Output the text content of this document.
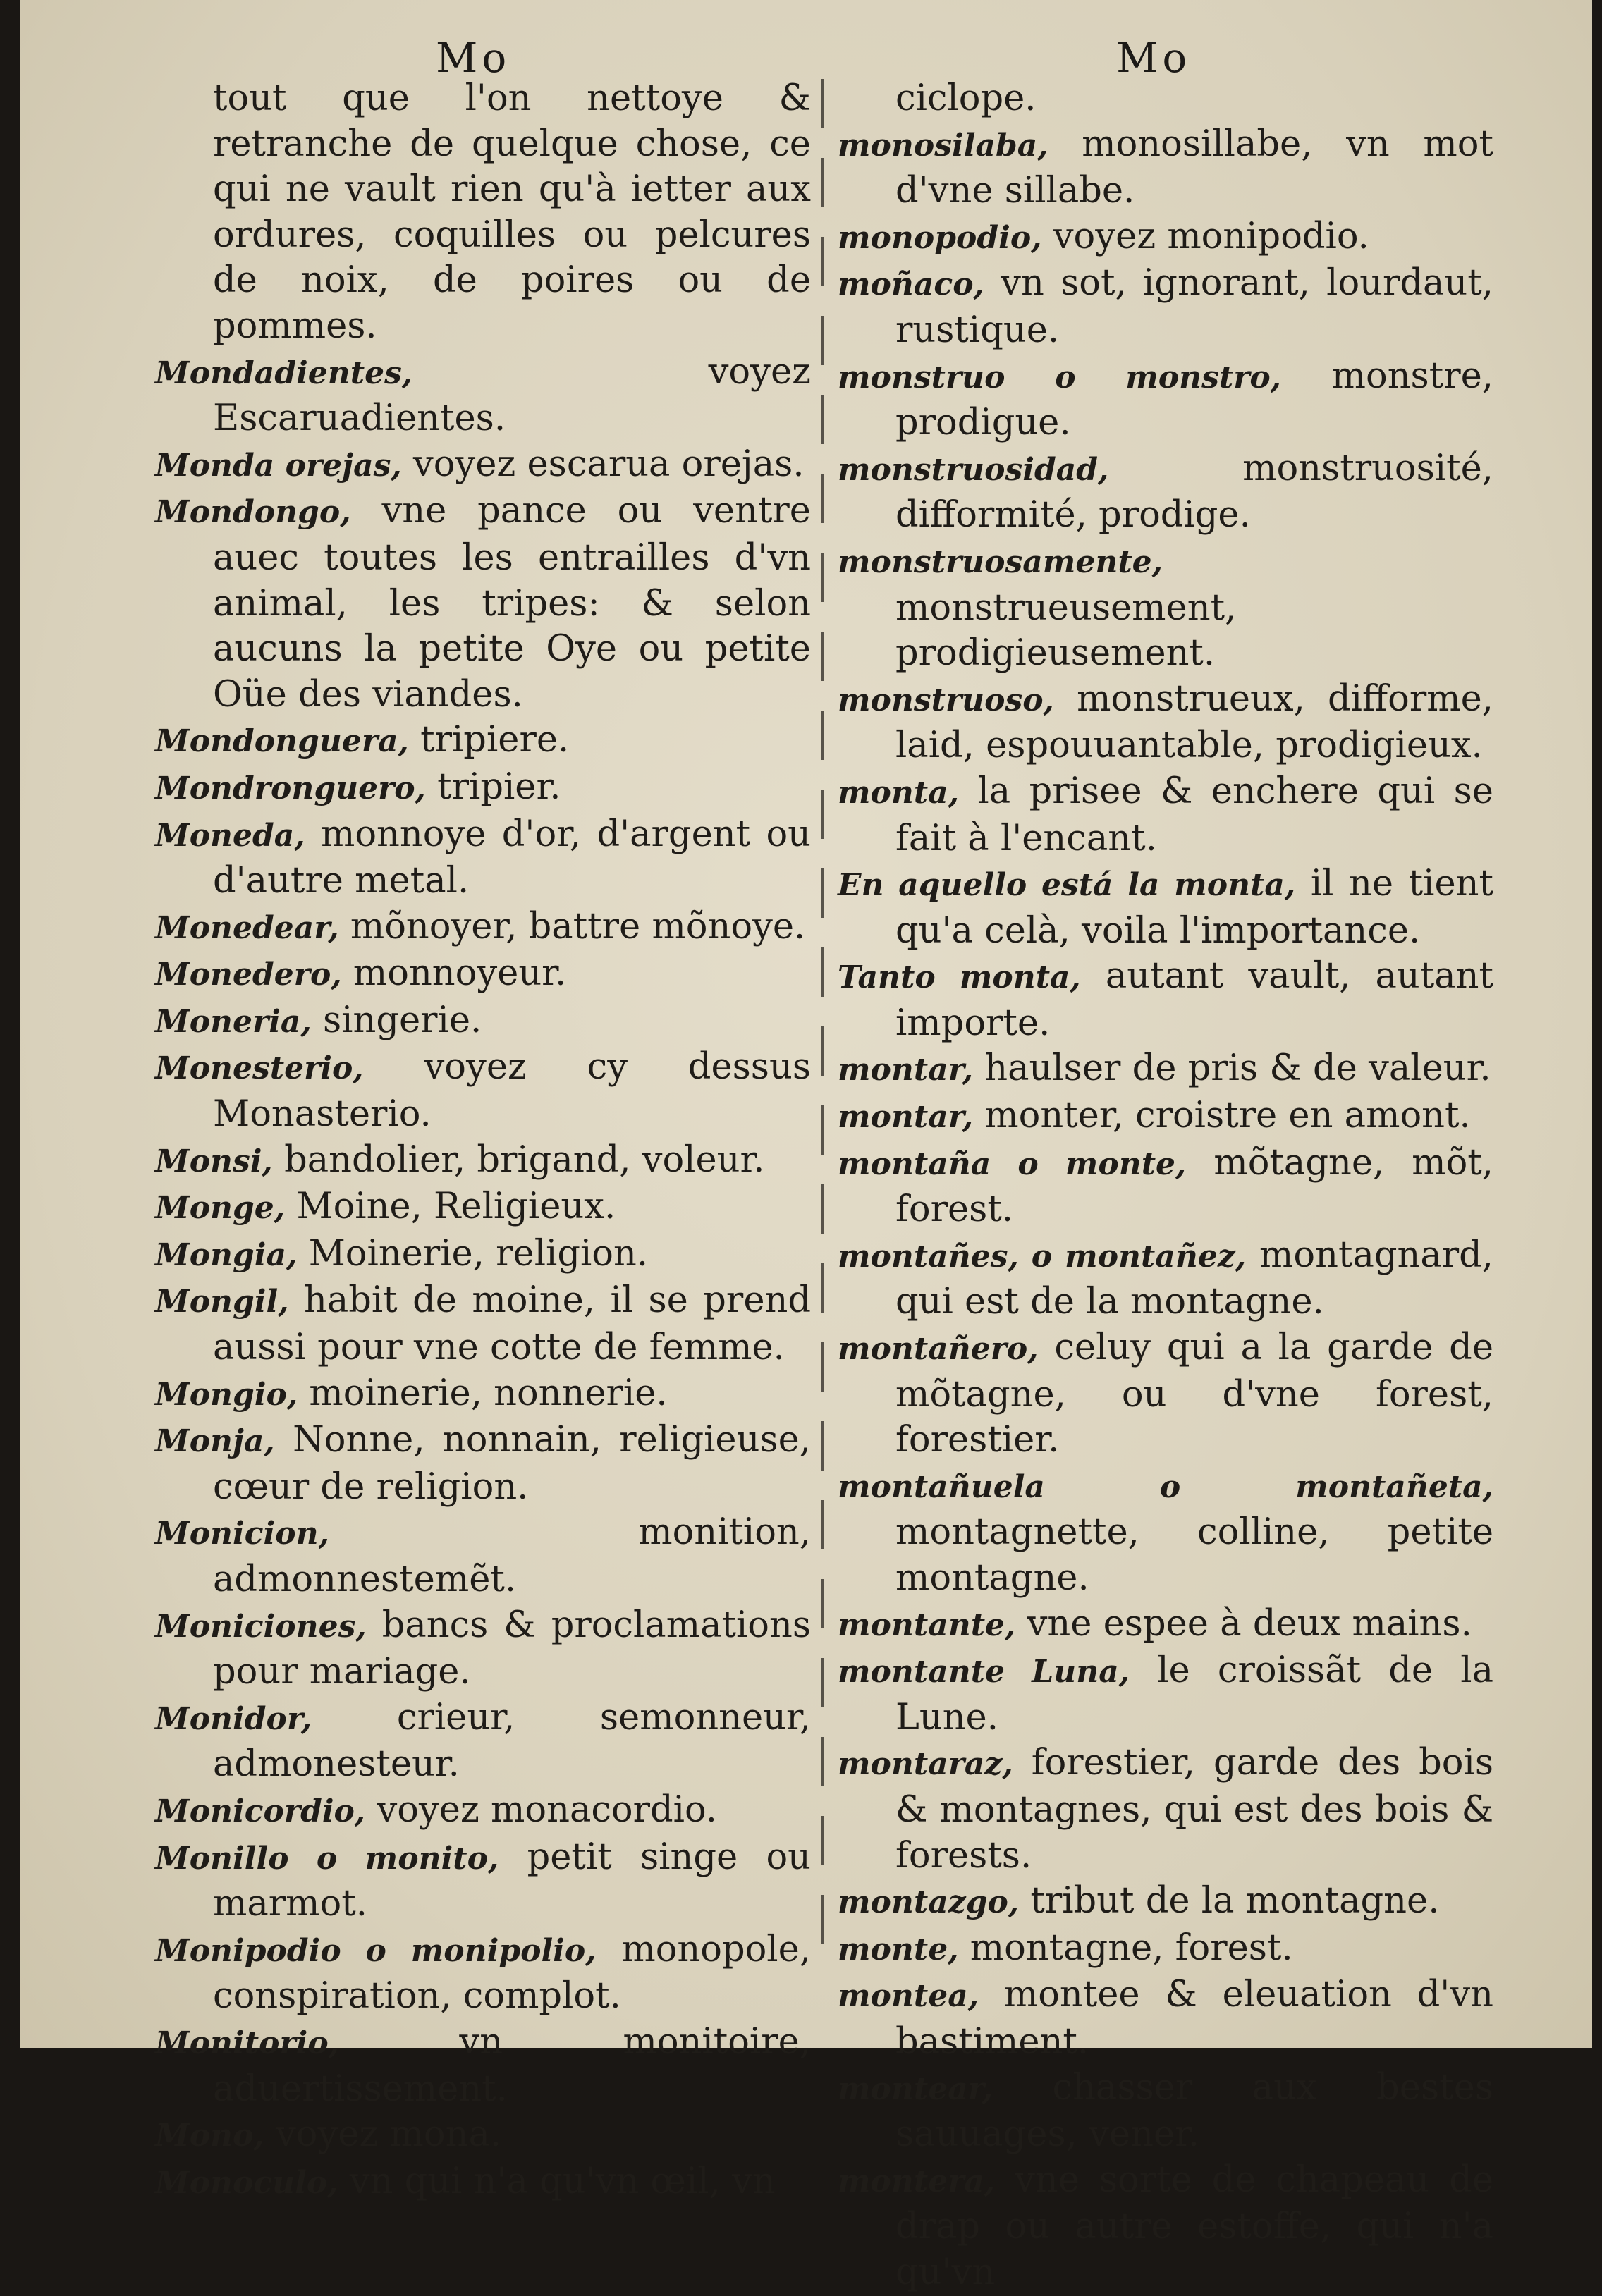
Mo	Mo
tout que l'on nettoye & retranche de quelque chose, ce qui ne vault rien qu'à ietter aux ordures, coquilles ou pelcures de noix, de poires ou de pommes.
Mondadientes,	voyez Escaruadientes.
Monda orejas, voyez escarua orejas.
Mondongo, vne pance ou ventre auec toutes les entrailles d'vn animal, les tripes: & selon aucuns la petite Oye ou petite Oüe des viandes.
Mondonguera, tripiere.
Mondronguero, tripier.
Moneda, monnoye d'or, d'argent ou d'autre metal.
Monedear, mõnoyer, battre mõnoye.
Monedero, monnoyeur.
Moneria, singerie.
Monesterio, voyez cy dessus Monasterio.
Monsi, bandolier, brigand, voleur.
Monge, Moine, Religieux.
Mongia, Moinerie, religion.
Mongil, habit de moine, il se prend aussi pour vne cotte de femme.
Mongio, moinerie, nonnerie.
Monja, Nonne, nonnain, religieuse, cœur de religion.
Monicion,	monition, admonnestemẽt.
Moniciones, bancs & proclamations pour mariage.
Monidor, crieur, semonneur, admonesteur.
Monicordio, voyez monacordio.
Monillo o monito, petit singe ou marmot.
Monipodio o monipolio, monopole, conspiration, complot.
Monitorio,	vn monitoire, aduertissement.
Mono, voyez mona.
Monoculo, vn qui n'a qu'vn œil, vn
ciclope.
monosilaba, monosillabe, vn mot d'vne sillabe.
monopodio, voyez monipodio.
moñaco, vn sot, ignorant, lourdaut, rustique.
monstruo o monstro, monstre, prodigue.
monstruosidad,	monstruosité, difformité, prodige.
monstruosamente, monstrueusement, prodigieusement.
monstruoso, monstrueux, difforme, laid, espouuantable, prodigieux.
monta, la prisee & enchere qui se fait à l'encant.
En aquello está la monta, il ne tient qu'a celà, voila l'importance.
Tanto monta, autant vault, autant importe.
montar, haulser de pris & de valeur.
montar, monter, croistre en amont.
montaña o monte, mõtagne, mõt, forest.
montañes, o montañez, montagnard, qui est de la montagne.
montañero, celuy qui a la garde de mõtagne, ou d'vne forest, forestier.
montañuela o montañeta, montagnette, colline, petite montagne.
montante, vne espee à deux mains.
montante Luna, le croissãt de la Lune.
montaraz, forestier, garde des bois & montagnes, qui est des bois & forests.
montazgo, tribut de la montagne.
monte, montagne, forest.
montea, montee & eleuation d'vn bastiment.
montear, chasser aux bestes sauuages, vener.
montera, vne sorte de chapeau de drap ou autre estoffe, qui n'a qu'vn
